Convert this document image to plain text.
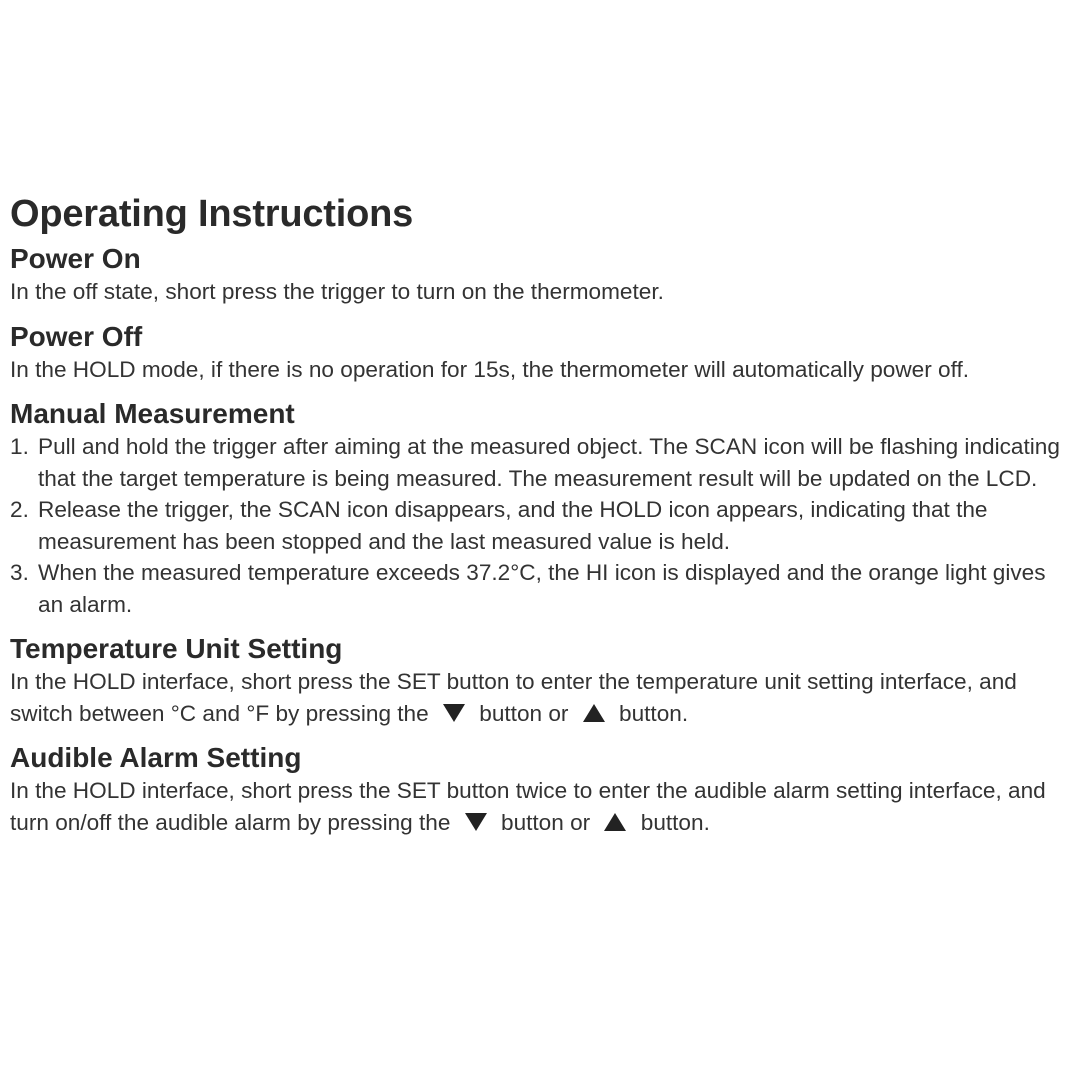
Operating Instructions
Power On

In the off state, short press the trigger to turn on the thermometer.

Power Off

In the HOLD mode, if there is no operation for 15s, the thermometer will automatically power off.

Manual Measurement
1. Pull and hold the trigger after aiming at the measured object. The SCAN icon will be flashing indicating that the target temperature is being measured. The measurement result will be updated on the LCD.
2. Release the trigger, the SCAN icon disappears, and the HOLD icon appears, indicating that the measurement has been stopped and the last measured value is held.
3. When the measured temperature exceeds 37.2°C, the HI icon is displayed and the orange light gives an alarm.
Temperature Unit Setting

In the HOLD interface, short press the SET button to enter the temperature unit setting interface, and switch between °C and °F by pressing the button or button.

Audible Alarm Setting

In the HOLD interface, short press the SET button twice to enter the audible alarm setting interface, and turn on/off the audible alarm by pressing the button or button.
